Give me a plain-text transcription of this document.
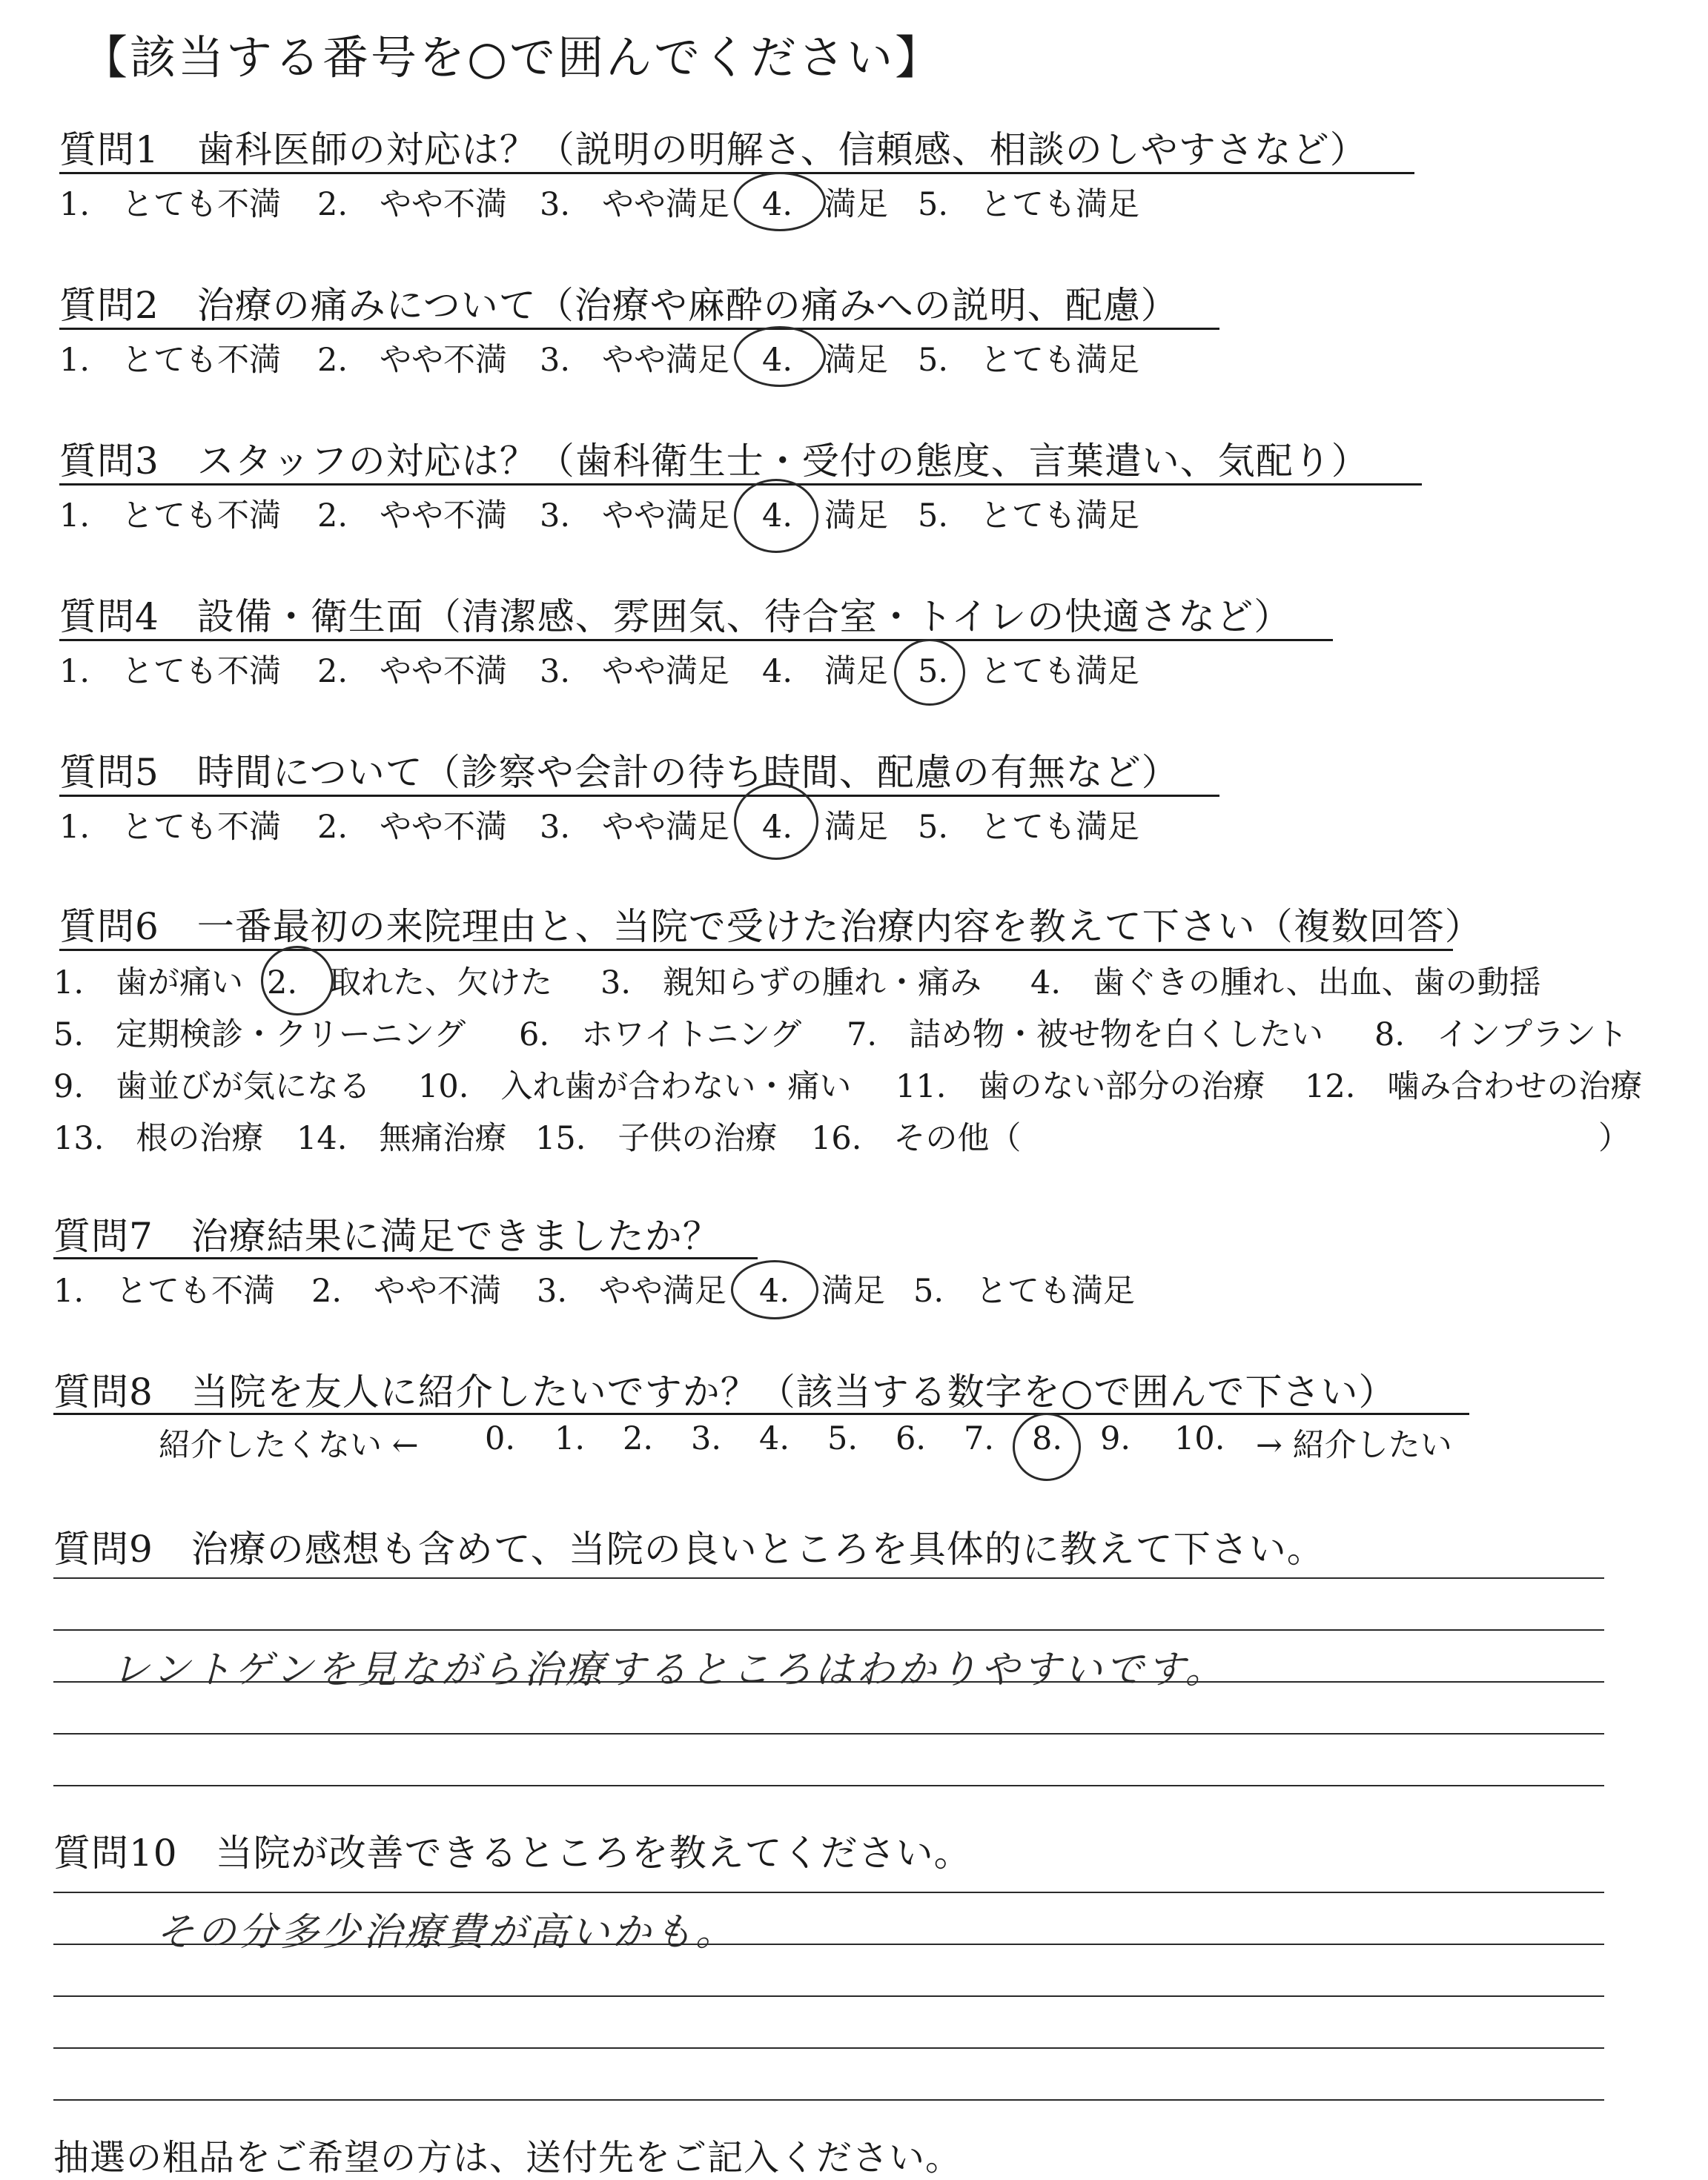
【該当する番号を○で囲んでください】
質問1　歯科医師の対応は？（説明の明解さ、信頼感、相談のしやすさなど）
1.　とても不満 2.　やや不満 3.　やや満足 4.　満足 5.　とても満足
質問2　治療の痛みについて（治療や麻酔の痛みへの説明、配慮）
1.　とても不満 2.　やや不満 3.　やや満足 4.　満足 5.　とても満足
質問3　スタッフの対応は？（歯科衛生士・受付の態度、言葉遣い、気配り）
1.　とても不満 2.　やや不満 3.　やや満足 4.　満足 5.　とても満足
質問4　設備・衛生面（清潔感、雰囲気、待合室・トイレの快適さなど）
1.　とても不満 2.　やや不満 3.　やや満足 4.　満足 5.　とても満足
質問5　時間について（診察や会計の待ち時間、配慮の有無など）
1.　とても不満 2.　やや不満 3.　やや満足 4.　満足 5.　とても満足
質問6　一番最初の来院理由と、当院で受けた治療内容を教えて下さい（複数回答）
1.　歯が痛い 2.　取れた、欠けた 3.　親知らずの腫れ・痛み 4.　歯ぐきの腫れ、出血、歯の動揺
5.　定期検診・クリーニング 6.　ホワイトニング 7.　詰め物・被せ物を白くしたい 8.　インプラント
9.　歯並びが気になる 10.　入れ歯が合わない・痛い 11.　歯のない部分の治療 12.　噛み合わせの治療
13.　根の治療 14.　無痛治療 15.　子供の治療 16.　その他（	）
質問7　治療結果に満足できましたか？
1.　とても不満 2.　やや不満 3.　やや満足 4.　満足 5.　とても満足
質問8　当院を友人に紹介したいですか？（該当する数字を○で囲んで下さい）
紹介したくない ← 0. 1. 2. 3. 4. 5. 6. 7. 8. 9. 10. → 紹介したい
質問9　治療の感想も含めて、当院の良いところを具体的に教えて下さい。
レントゲンを見ながら治療するところはわかりやすいです。
質問10　当院が改善できるところを教えてください。
その分多少治療費が高いかも。
抽選の粗品をご希望の方は、送付先をご記入ください。
